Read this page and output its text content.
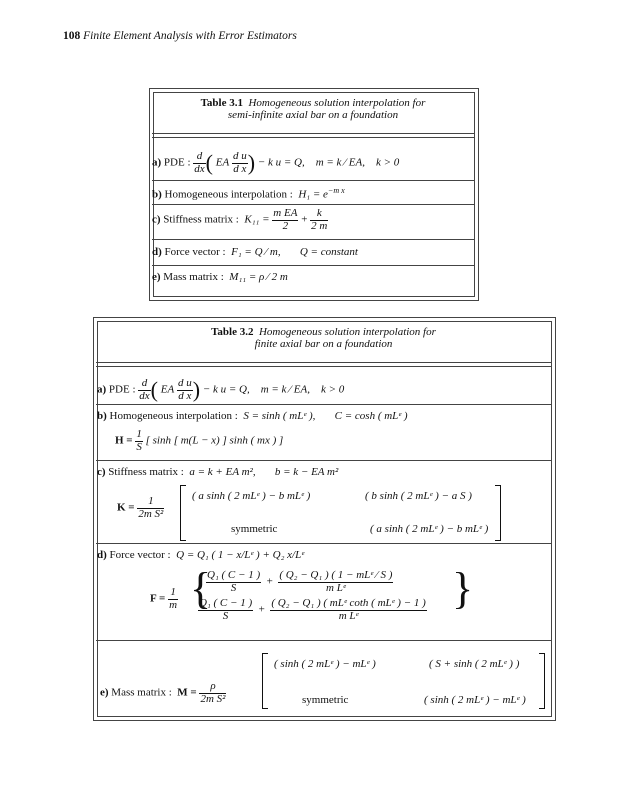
108 Finite Element Analysis with Error Estimators
Table 3.1 Homogeneous solution interpolation for
semi-infinite axial bar on a foundation
a) PDE : $\frac{d}{dx}$ ( EA $\frac{\text{d u}}{\text{d x}}$ ) − k u = Q, m = k ⁄ EA, k > 0
b) Homogeneous interpolation : $H_1 = e^{-m x}$
c) Stiffness matrix : $K_{11} = \frac{\text{m EA}}{2} + \frac{k}{2 m}$
d) Force vector : F₁ = Q ⁄ m, Q = constant
e) Mass matrix : M₁₁ = ρ ⁄ 2 m
Table 3.2 Homogeneous solution interpolation for
finite axial bar on a foundation
a) PDE : $\frac{d}{dx}$ ( EA $\frac{\text{d u}}{\text{d x}}$ ) − k u = Q, m = k ⁄ EA, k > 0
b) Homogeneous interpolation : S = sinh ( mLᵉ ), C = cosh ( mLᵉ )
$H = \frac{1}{S}$ [ sinh [ m(L − x) ] sinh ( mx ) ]
c) Stiffness matrix : a = k + EA m², b = k − EA m²
$K = \frac{1}{\text{2m S²}}$	( a sinh ( 2 mLᵉ ) − b mLᵉ )	( b sinh ( 2 mLᵉ ) − a S )
symmetric	( a sinh ( 2 mLᵉ ) − b mLᵉ )
d) Force vector : Q = Q₁ ( 1 − x/Lᵉ ) + Q₂ x/Lᵉ
$F = \frac{1}{m}$ {	}
$\frac{\text{Q₁ ( C − 1 )}}{S} + \frac{\text{( Q₂ − Q₁ ) ( 1 − mLᵉ ⁄ S )}}{\text{m Lᵉ}}$
$\frac{\text{Q₁ ( C − 1 )}}{S} + \frac{\text{( Q₂ − Q₁ ) ( mLᵉ coth ( mLᵉ ) − 1 )}}{\text{m Lᵉ}}$
e) Mass matrix : $M = \frac{\rho}{\text{2m S²}}$
( sinh ( 2 mLᵉ ) − mLᵉ )	( S + sinh ( 2 mLᵉ ) )
symmetric	( sinh ( 2 mLᵉ ) − mLᵉ )
